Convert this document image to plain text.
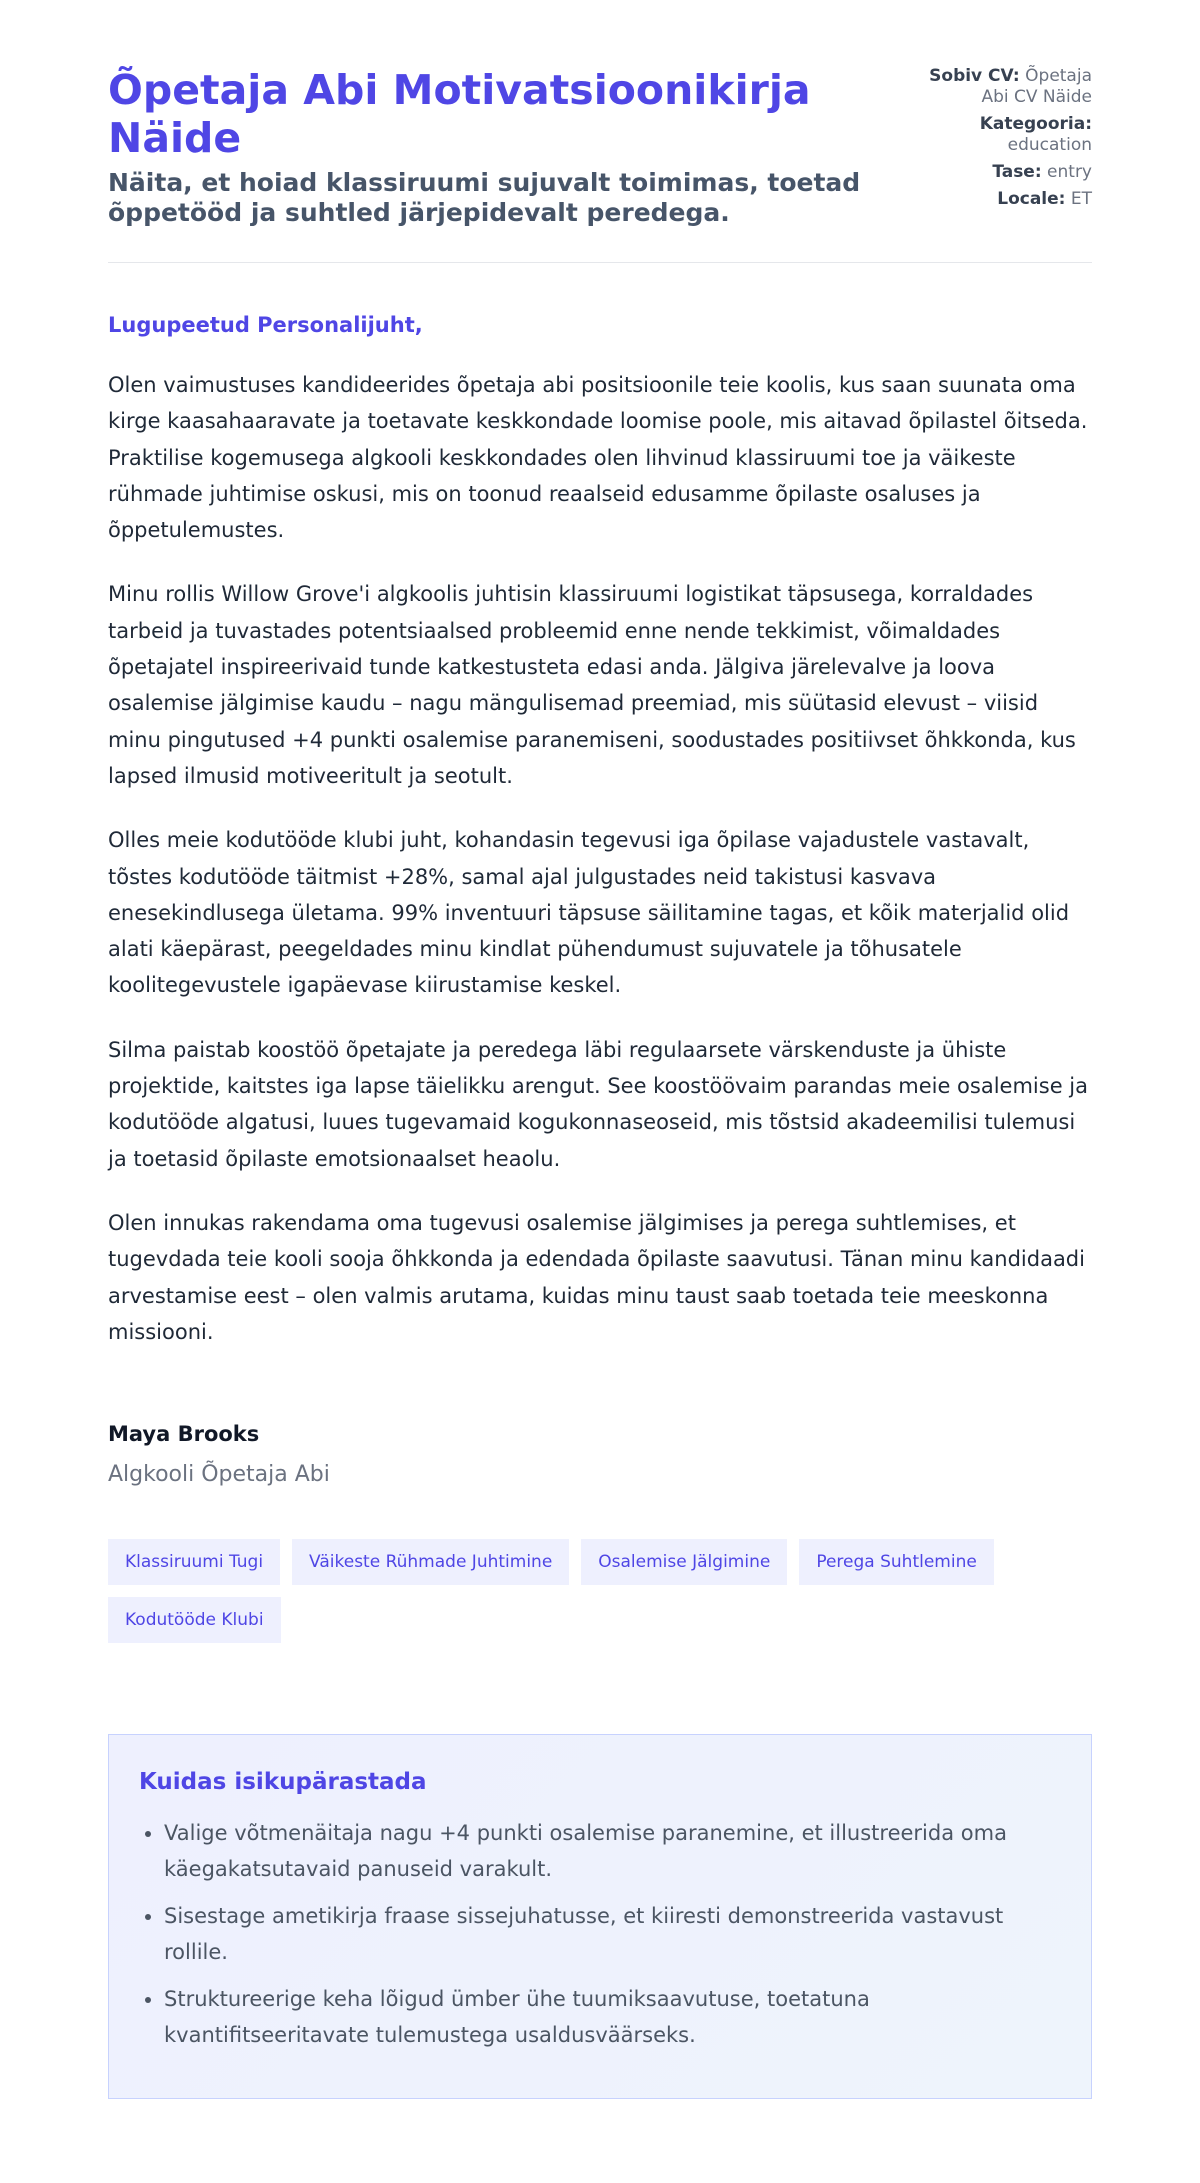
Õpetaja Abi Motivatsioonikirja Näide
Näita, et hoiad klassiruumi sujuvalt toimimas, toetad õppetööd ja suhtled järjepidevalt peredega.
Sobiv CV: Õpetaja Abi CV Näide
Kategooria: education
Tase: entry
Locale: ET

Lugupeetud Personalijuht,

Olen vaimustuses kandideerides õpetaja abi positsioonile teie koolis, kus saan suunata oma kirge kaasahaaravate ja toetavate keskkondade loomise poole, mis aitavad õpilastel õitseda. Praktilise kogemusega algkooli keskkondades olen lihvinud klassiruumi toe ja väikeste rühmade juhtimise oskusi, mis on toonud reaalseid edusamme õpilaste osaluses ja õppetulemustes.

Minu rollis Willow Grove'i algkoolis juhtisin klassiruumi logistikat täpsusega, korraldades tarbeid ja tuvastades potentsiaalsed probleemid enne nende tekkimist, võimaldades õpetajatel inspireerivaid tunde katkestusteta edasi anda. Jälgiva järelevalve ja loova osalemise jälgimise kaudu – nagu mängulisemad preemiad, mis süütasid elevust – viisid minu pingutused +4 punkti osalemise paranemiseni, soodustades positiivset õhkkonda, kus lapsed ilmusid motiveeritult ja seotult.

Olles meie kodutööde klubi juht, kohandasin tegevusi iga õpilase vajadustele vastavalt, tõstes kodutööde täitmist +28%, samal ajal julgustades neid takistusi kasvava enesekindlusega ületama. 99% inventuuri täpsuse säilitamine tagas, et kõik materjalid olid alati käepärast, peegeldades minu kindlat pühendumust sujuvatele ja tõhusatele koolitegevustele igapäevase kiirustamise keskel.

Silma paistab koostöö õpetajate ja peredega läbi regulaarsete värskenduste ja ühiste projektide, kaitstes iga lapse täielikku arengut. See koostöövaim parandas meie osalemise ja kodutööde algatusi, luues tugevamaid kogukonnaseoseid, mis tõstsid akadeemilisi tulemusi ja toetasid õpilaste emotsionaalset heaolu.

Olen innukas rakendama oma tugevusi osalemise jälgimises ja perega suhtlemises, et tugevdada teie kooli sooja õhkkonda ja edendada õpilaste saavutusi. Tänan minu kandidaadi arvestamise eest – olen valmis arutama, kuidas minu taust saab toetada teie meeskonna missiooni.

Maya Brooks

Algkooli Õpetaja Abi

Klassiruumi Tugi	Väikeste Rühmade Juhtimine	Osalemise Jälgimine	Perega Suhtlemine
Kodutööde Klubi
Kuidas isikupärastada
• Valige võtmenäitaja nagu +4 punkti osalemise paranemine, et illustreerida oma käegakatsutavaid panuseid varakult.
• Sisestage ametikirja fraase sissejuhatusse, et kiiresti demonstreerida vastavust rollile.
• Struktureerige keha lõigud ümber ühe tuumiksaavutuse, toetatuna kvantifitseeritavate tulemustega usaldusväärseks.
